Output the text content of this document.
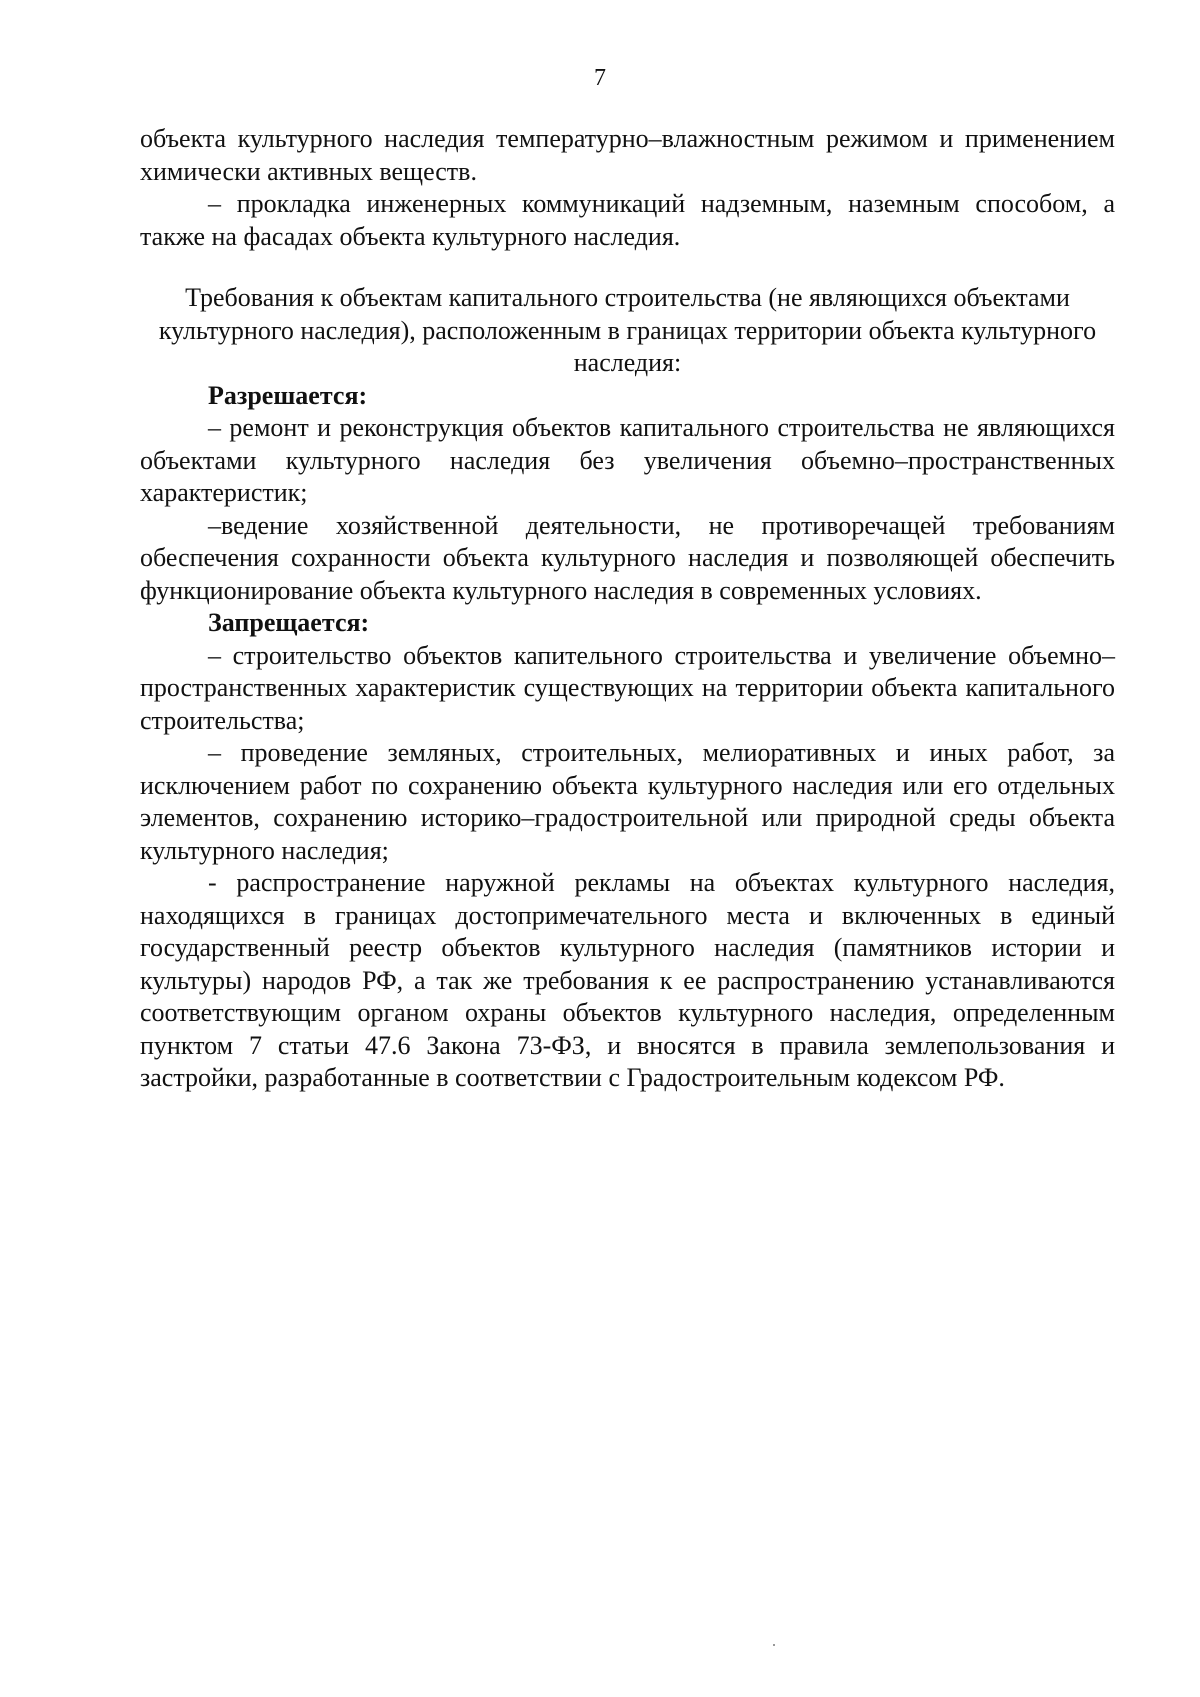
7

объекта культурного наследия температурно–влажностным режимом и применением химически активных веществ.

– прокладка инженерных коммуникаций надземным, наземным способом, а также на фасадах объекта культурного наследия.

Требования к объектам капитального строительства (не являющихся объектами культурного наследия), расположенным в границах территории объекта культурного наследия:

Разрешается:

– ремонт и реконструкция объектов капитального строительства не являющихся объектами культурного наследия без увеличения объемно–пространственных характеристик;

–ведение хозяйственной деятельности, не противоречащей требованиям обеспечения сохранности объекта культурного наследия и позволяющей обеспечить функционирование объекта культурного наследия в современных условиях.

Запрещается:

– строительство объектов капительного строительства и увеличение объемно–пространственных характеристик существующих на территории объекта капитального строительства;

– проведение земляных, строительных, мелиоративных и иных работ, за исключением работ по сохранению объекта культурного наследия или его отдельных элементов, сохранению историко–градостроительной или природной среды объекта культурного наследия;

- распространение наружной рекламы на объектах культурного наследия, находящихся в границах достопримечательного места и включенных в единый государственный реестр объектов культурного наследия (памятников истории и культуры) народов РФ, а так же требования к ее распространению устанавливаются соответствующим органом охраны объектов культурного наследия, определенным пунктом 7 статьи 47.6 Закона 73-ФЗ, и вносятся в правила землепользования и застройки, разработанные в соответствии с Градостроительным кодексом РФ.
